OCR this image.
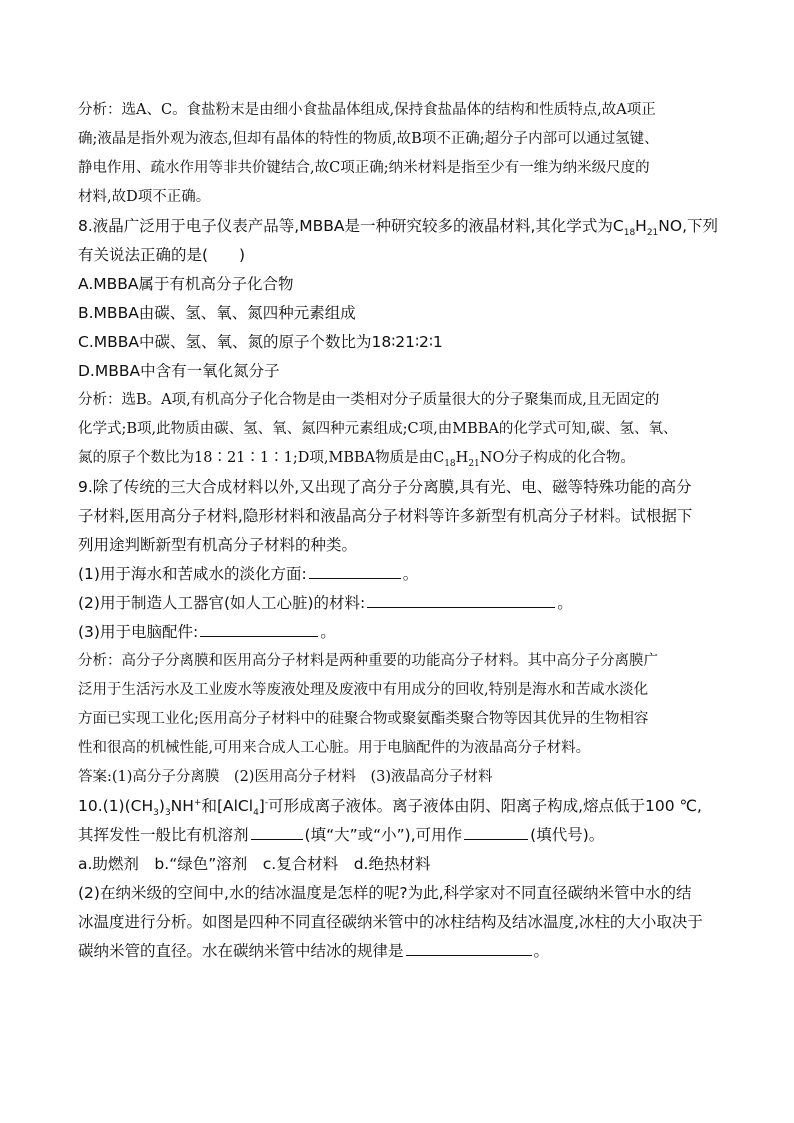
分析：选A、C。食盐粉末是由细小食盐晶体组成,保持食盐晶体的结构和性质特点,故A项正
确;液晶是指外观为液态,但却有晶体的特性的物质,故B项不正确;超分子内部可以通过氢键、
静电作用、疏水作用等非共价键结合,故C项正确;纳米材料是指至少有一维为纳米级尺度的
材料,故D项不正确。
8.液晶广泛用于电子仪表产品等,MBBA是一种研究较多的液晶材料,其化学式为$C_{18}H_{21}NO$,下列
有关说法正确的是(　　)
A.MBBA属于有机高分子化合物
B.MBBA由碳、氢、氧、氮四种元素组成
C.MBBA中碳、氢、氧、氮的原子个数比为18∶21∶2∶1
D.MBBA中含有一氧化氮分子
分析：选B。A项,有机高分子化合物是由一类相对分子质量很大的分子聚集而成,且无固定的
化学式;B项,此物质由碳、氢、氧、氮四种元素组成;C项,由MBBA的化学式可知,碳、氢、氧、
氮的原子个数比为18∶21∶1∶1;D项,MBBA物质是由$C_{18}H_{21}NO$分子构成的化合物。
9.除了传统的三大合成材料以外,又出现了高分子分离膜,具有光、电、磁等特殊功能的高分
子材料,医用高分子材料,隐形材料和液晶高分子材料等许多新型有机高分子材料。试根据下
列用途判断新型有机高分子材料的种类。
(1)用于海水和苦咸水的淡化方面:	。
(2)用于制造人工器官(如人工心脏)的材料:	。
(3)用于电脑配件:	。
分析：高分子分离膜和医用高分子材料是两种重要的功能高分子材料。其中高分子分离膜广
泛用于生活污水及工业废水等废液处理及废液中有用成分的回收,特别是海水和苦咸水淡化
方面已实现工业化;医用高分子材料中的硅聚合物或聚氨酯类聚合物等因其优异的生物相容
性和很高的机械性能,可用来合成人工心脏。用于电脑配件的为液晶高分子材料。
答案:(1)高分子分离膜　(2)医用高分子材料　(3)液晶高分子材料
$10.(1)(CH_3)_3NH^+$和[AlCl$_4$]-可形成离子液体。离子液体由阴、阳离子构成,熔点低于100 ℃,
其挥发性一般比有机溶剂	(填“大”或“小”),可用作	(填代号)。
a.助燃剂　b.“绿色”溶剂　c.复合材料　d.绝热材料
(2)在纳米级的空间中,水的结冰温度是怎样的呢?为此,科学家对不同直径碳纳米管中水的结
冰温度进行分析。如图是四种不同直径碳纳米管中的冰柱结构及结冰温度,冰柱的大小取决于
碳纳米管的直径。水在碳纳米管中结冰的规律是	。
